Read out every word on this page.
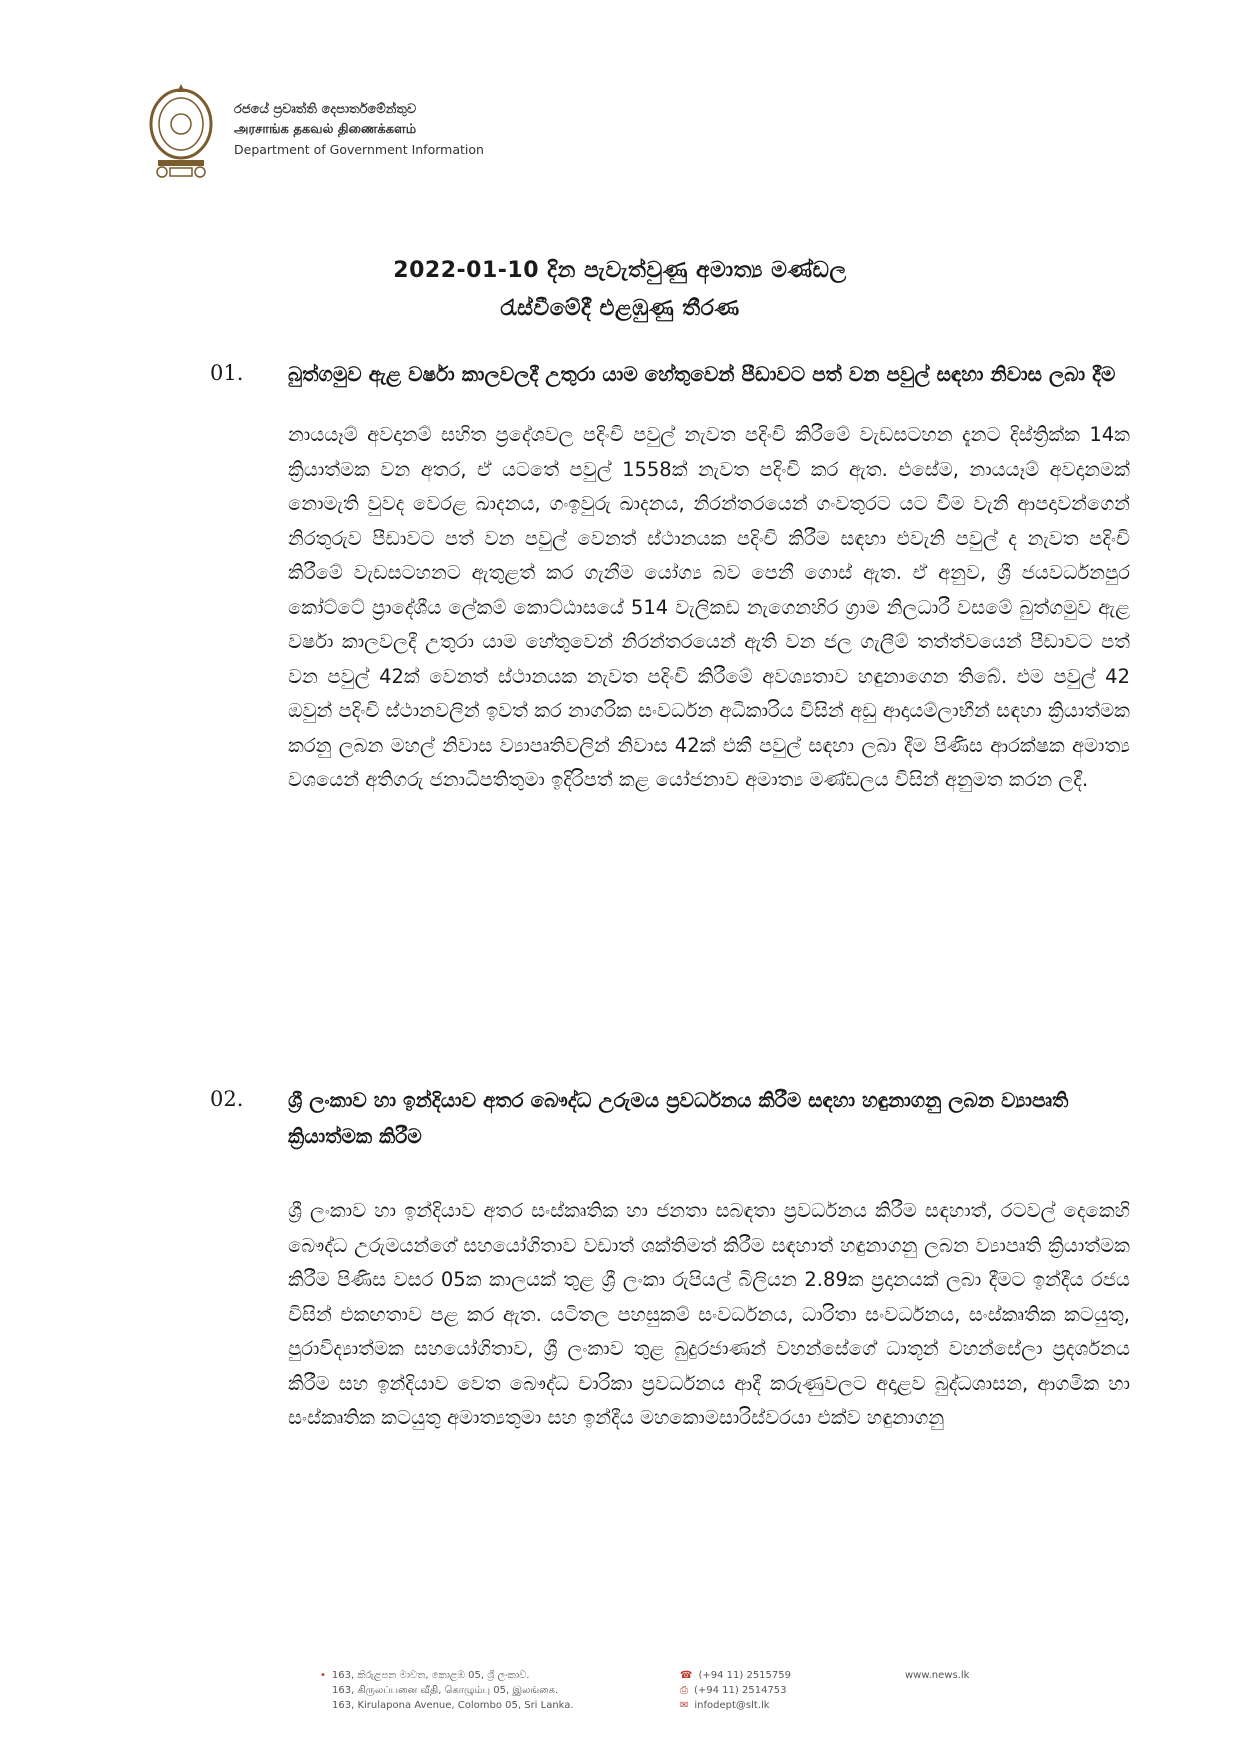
රජයේ ප්‍රවෘත්ති දෙපාර්තමේන්තුව
அரசாங்க தகவல் திணைக்களம்
Department of Government Information
2022-01-10 දින පැවැත්වුණු අමාත්‍ය මණ්ඩල
රැස්වීමේදී එළඹුණු තීරණ
01.	බුත්ගමුව ඇළ වර්ෂා කාලවලදී උතුරා යාම හේතුවෙන් පීඩාවට පත් වන පවුල් සඳහා නිවාස ලබා දීම
නායයෑම් අවදානම් සහිත ප්‍රදේශවල පදිංචි පවුල් නැවත පදිංචි කිරීමේ වැඩසටහන දැනට දිස්ත්‍රික්ක 14ක ක්‍රියාත්මක වන අතර, ඒ යටතේ පවුල් 1558ක් නැවත පදිංචි කර ඇත. එසේම, නායයෑම් අවදානමක් නොමැති වුවද වෙරළ ඛාදනය, ගංඉවුරු ඛාදනය, නිරන්තරයෙන් ගංවතුරට යට වීම වැනි ආපදාවන්ගෙන් නිරතුරුව පීඩාවට පත් වන පවුල් වෙනත් ස්ථානයක පදිංචි කිරීම සඳහා එවැනි පවුල් ද නැවත පදිංචි කිරීමේ වැඩසටහනට ඇතුළත් කර ගැනීම යෝග්‍ය බව පෙනී ගොස් ඇත. ඒ අනුව, ශ්‍රී ජයවර්ධනපුර කෝට්ටේ ප්‍රාදේශීය ලේකම් කොට්ඨාසයේ 514 වැලිකඩ නැගෙනහිර ග්‍රාම නිලධාරී වසමේ බුත්ගමුව ඇළ වර්ෂා කාලවලදී උතුරා යාම හේතුවෙන් නිරන්තරයෙන් ඇති වන ජල ගැලීම් තත්ත්වයෙන් පීඩාවට පත් වන පවුල් 42ක් වෙනත් ස්ථානයක නැවත පදිංචි කිරීමේ අවශ්‍යතාව හඳුනාගෙන තිබේ. එම පවුල් 42 ඔවුන් පදිංචි ස්ථානවලින් ඉවත් කර නාගරික සංවර්ධන අධිකාරිය විසින් අඩු ආදායම්ලාභීන් සඳහා ක්‍රියාත්මක කරනු ලබන මහල් නිවාස ව්‍යාපෘතිවලින් නිවාස 42ක් එකී පවුල් සඳහා ලබා දීම පිණිස ආරක්ෂක අමාත්‍ය වශයෙන් අතිගරු ජනාධිපතිතුමා ඉදිරිපත් කළ යෝජනාව අමාත්‍ය මණ්ඩලය විසින් අනුමත කරන ලදී.
02.	ශ්‍රී ලංකාව හා ඉන්දියාව අතර බෞද්ධ උරුමය ප්‍රවර්ධනය කිරීම සඳහා හඳුනාගනු ලබන ව්‍යාපෘති ක්‍රියාත්මක කිරීම
ශ්‍රී ලංකාව හා ඉන්දියාව අතර සංස්කෘතික හා ජනතා සබඳතා ප්‍රවර්ධනය කිරීම සඳහාත්, රටවල් දෙකෙහි බෞද්ධ උරුමයන්ගේ සහයෝගිතාව වඩාත් ශක්තිමත් කිරීම සඳහාත් හඳුනාගනු ලබන ව්‍යාපෘති ක්‍රියාත්මක කිරීම පිණිස වසර 05ක කාලයක් තුළ ශ්‍රී ලංකා රුපියල් බිලියන 2.89ක ප්‍රදානයක් ලබා දීමට ඉන්දීය රජය විසින් එකඟතාව පළ කර ඇත. යටිතල පහසුකම් සංවර්ධනය, ධාරිතා සංවර්ධනය, සංස්කෘතික කටයුතු, පුරාවිද්‍යාත්මක සහයෝගිතාව, ශ්‍රී ලංකාව තුළ බුදුරජාණන් වහන්සේගේ ධාතූන් වහන්සේලා ප්‍රදර්ශනය කිරීම සහ ඉන්දියාව වෙත බෞද්ධ චාරිකා ප්‍රවර්ධනය ආදී කරුණුවලට අදාළව බුද්ධශාසන, ආගමික හා සංස්කෘතික කටයුතු අමාත්‍යතුමා සහ ඉන්දීය මහකොමසාරිස්වරයා එක්ව හඳුනාගනු
• 163, කිරුළපන මාවත, කොළඹ 05, ශ්‍රී ලංකාව.
163, கிருலப்பனை வீதி, கொழும்பு 05, இலங்கை.
163, Kirulapona Avenue, Colombo 05, Sri Lanka.
☎ (+94 11) 2515759
⎙ (+94 11) 2514753
✉ infodept@slt.lk
www.news.lk
